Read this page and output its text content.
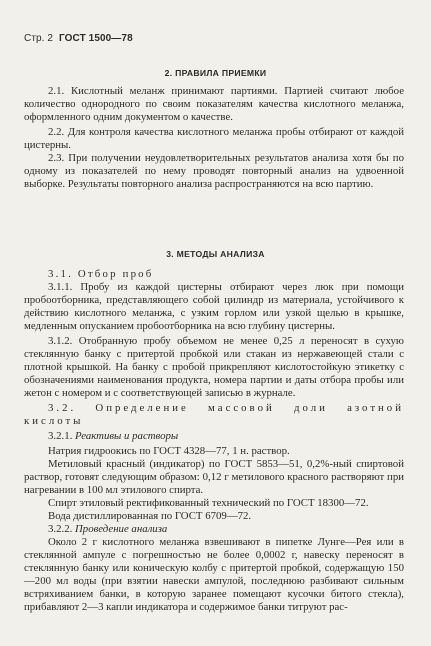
Стр. 2 ГОСТ 1500—78
2. ПРАВИЛА ПРИЕМКИ

2.1. Кислотный меланж принимают партиями. Партией считают любое количество однородного по своим показателям качества кислотного меланжа, оформленного одним документом о качестве.

2.2. Для контроля качества кислотного меланжа пробы отбирают от каждой цистерны.

2.3. При получении неудовлетворительных результатов анализа хотя бы по одному из показателей по нему проводят повторный анализ на удвоенной выборке. Результаты повторного анализа распространяются на всю партию.

3. МЕТОДЫ АНАЛИЗА

3.1. Отбор проб

3.1.1. Пробу из каждой цистерны отбирают через люк при помощи пробоотборника, представляющего собой цилиндр из материала, устойчивого к действию кислотного меланжа, с узким горлом или узкой щелью в крышке, медленным опусканием пробоотборника на всю глубину цистерны.

3.1.2. Отобранную пробу объемом не менее 0,25 л переносят в сухую стеклянную банку с притертой пробкой или стакан из нержавеющей стали с плотной крышкой. На банку с пробой прикрепляют кислотостойкую этикетку с обозначениями наименования продукта, номера партии и даты отбора пробы или жетон с номером и с соответствующей записью в журнале.

3.2. Определение массовой доли азотной кислоты

3.2.1. Реактивы и растворы

Натрия гидроокись по ГОСТ 4328—77, 1 н. раствор.

Метиловый красный (индикатор) по ГОСТ 5853—51, 0,2%-ный спиртовой раствор, готовят следующим образом: 0,12 г метилового красного растворяют при нагревании в 100 мл этилового спирта.

Спирт этиловый ректификованный технический по ГОСТ 18300—72.

Вода дистиллированная по ГОСТ 6709—72.

3.2.2. Проведение анализа

Около 2 г кислотного меланжа взвешивают в пипетке Лунге—Рея или в стеклянной ампуле с погрешностью не более 0,0002 г, навеску переносят в стеклянную банку или коническую колбу с притертой пробкой, содержащую 150—200 мл воды (при взятии навески ампулой, последнюю разбивают сильным встряхиванием банки, в которую заранее помещают кусочки битого стекла), прибавляют 2—3 капли индикатора и содержимое банки титруют рас-
